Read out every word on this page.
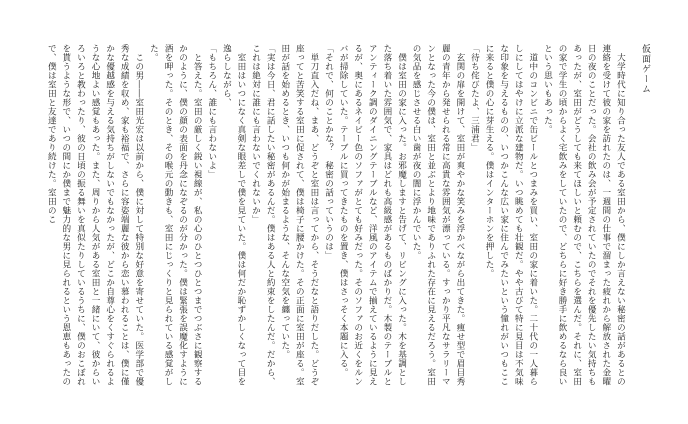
仮面ゲーム

大学時代に知り合った友人である室田から、僕にしか言えない秘密の話があるとの連絡を受けて彼の家を訪れたのは、一週間の仕事で溜まった疲れから解放された金曜日の夜のことだった。会社の飲み会が予定されていたのでそれを優先したい気持ちもあったが、室田がどうしても来てほしいと頼むので、こちらを選んだ。それに、室田の家で学生の頃からよく宅飲みをしていたので、どちらに好き勝手に飲めるなら良いという思いもあった。

道中のコンビニで缶ビールとつまみを買い、室田の家に着いた。二十代の一人暮らしにしてはやけに立派な建物だ。いつ眺めても壮観だ。やや古びて特に見目は不気味な印象を与えるものの、いつかこんな広い家に住んでみたいという憧れがいつもここに来ると僕の心に芽生える。僕はインターホンを押した。

「待ち侘びたよ、三浦君」

玄関の扉を開けて、室田が爽やかな笑みを浮かべながら出てきた。痩せ型で眉目秀麗の青年から発せられる常に高貴な雰囲気が漂っている。すっかり平凡なサラリーマンとなった今の僕は、室田と並ぶとより地味でありふれた存在に見えるだろう。室田の気品を感じさせる白い歯が夜の闇に浮かんでいた。

僕は室田の家に入った。お邪魔しますと告げて、リビングに入った。木を基調とした落ち着いた雰囲気で、家具はどれも高級感があるものばかりだ。木製のテーブルとアンティーク調のダイニングテーブルなど、洋風のアイテムで揃えているように見えるが、奥にあるネイビー色のソファがとても好みだった。そのソファのお近くをルンバが掃除していた。テーブルに買ってきたものを置き、僕はさっそく本題に入る。

「それで、何のことかな？　秘密の話っていうのは」

単刀直入だね、まあ、どうぞと室田は言ってから、そうだなと語りだした。どうぞ座ってと苦笑する室田に促されて、僕は椅子に腰かけた。その正面に室田が座る。室田が話を始めるとき、いつも何かが始まるような、そんな空気を纏っていた。

「実は今日、君に話したい秘密があるんだ。僕はある人と約束をしたんだ。だから、これは絶対に誰にも言わないでくれないか」

室田はいつになく真剣な眼差しで僕を見ていた。僕は何だか恥ずかしくなって目を逸らしながら、

「もちろん、誰にも言わないよ」

と答えた。室田の厳しく鋭い視線が、私の心のひとつひとつまでつぶさに観察するかのように、僕の顔の表面を丹念になぞるのが分かった。僕は緊張を誤魔化すように酒を呷った。そのとき、その喉元の動きも、室田にじっくりと見られている感覚がした。

この男――室田光宏は以前から、僕に対して特別な好意を寄せていた。医学部で優秀な成績を収め、家も裕福で、さらに容姿端麗な彼から恋い慕われることは、僕に僅かな優越感を与える気持ちがしないでもなかったが、どこか自尊心をくすぐられるような心地よい感覚もあった。また、周りから人気がある室田と一緒にいて、彼からいろいろと教わったり、彼の日頃の振る舞いを真似たりしているうちに、僕のおこぼれを貰うような形で、いつの間にか僕まで魅力的な男に見られるという恩恵もあったので、僕は室田と友達であり続けた。室田のこ
